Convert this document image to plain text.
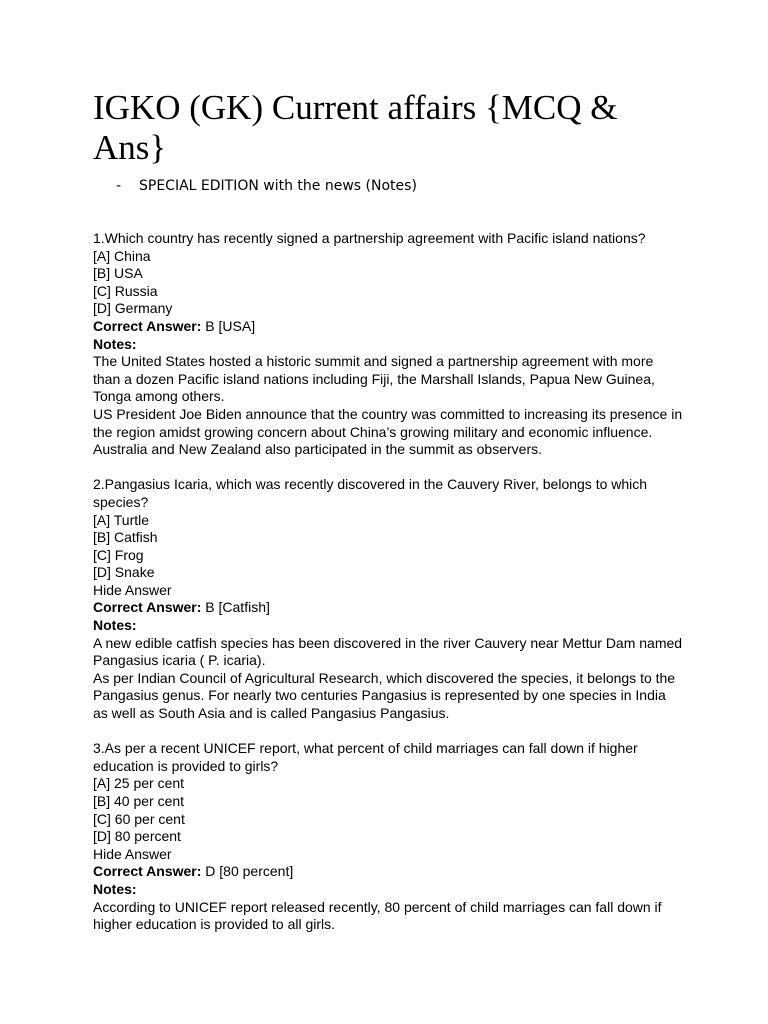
IGKO (GK) Current affairs {MCQ & Ans}
- SPECIAL EDITION with the news (Notes)
1.Which country has recently signed a partnership agreement with Pacific island nations?
[A] China
[B] USA
[C] Russia
[D] Germany
Correct Answer: B [USA]
Notes:
The United States hosted a historic summit and signed a partnership agreement with more than a dozen Pacific island nations including Fiji, the Marshall Islands, Papua New Guinea, Tonga among others.
US President Joe Biden announce that the country was committed to increasing its presence in the region amidst growing concern about China’s growing military and economic influence. Australia and New Zealand also participated in the summit as observers.
2.Pangasius Icaria, which was recently discovered in the Cauvery River, belongs to which species?
[A] Turtle
[B] Catfish
[C] Frog
[D] Snake
Hide Answer
Correct Answer: B [Catfish]
Notes:
A new edible catfish species has been discovered in the river Cauvery near Mettur Dam named Pangasius icaria ( P. icaria).
As per Indian Council of Agricultural Research, which discovered the species, it belongs to the Pangasius genus. For nearly two centuries Pangasius is represented by one species in India as well as South Asia and is called Pangasius Pangasius.
3.As per a recent UNICEF report, what percent of child marriages can fall down if higher education is provided to girls?
[A] 25 per cent
[B] 40 per cent
[C] 60 per cent
[D] 80 percent
Hide Answer
Correct Answer: D [80 percent]
Notes:
According to UNICEF report released recently, 80 percent of child marriages can fall down if higher education is provided to all girls.
